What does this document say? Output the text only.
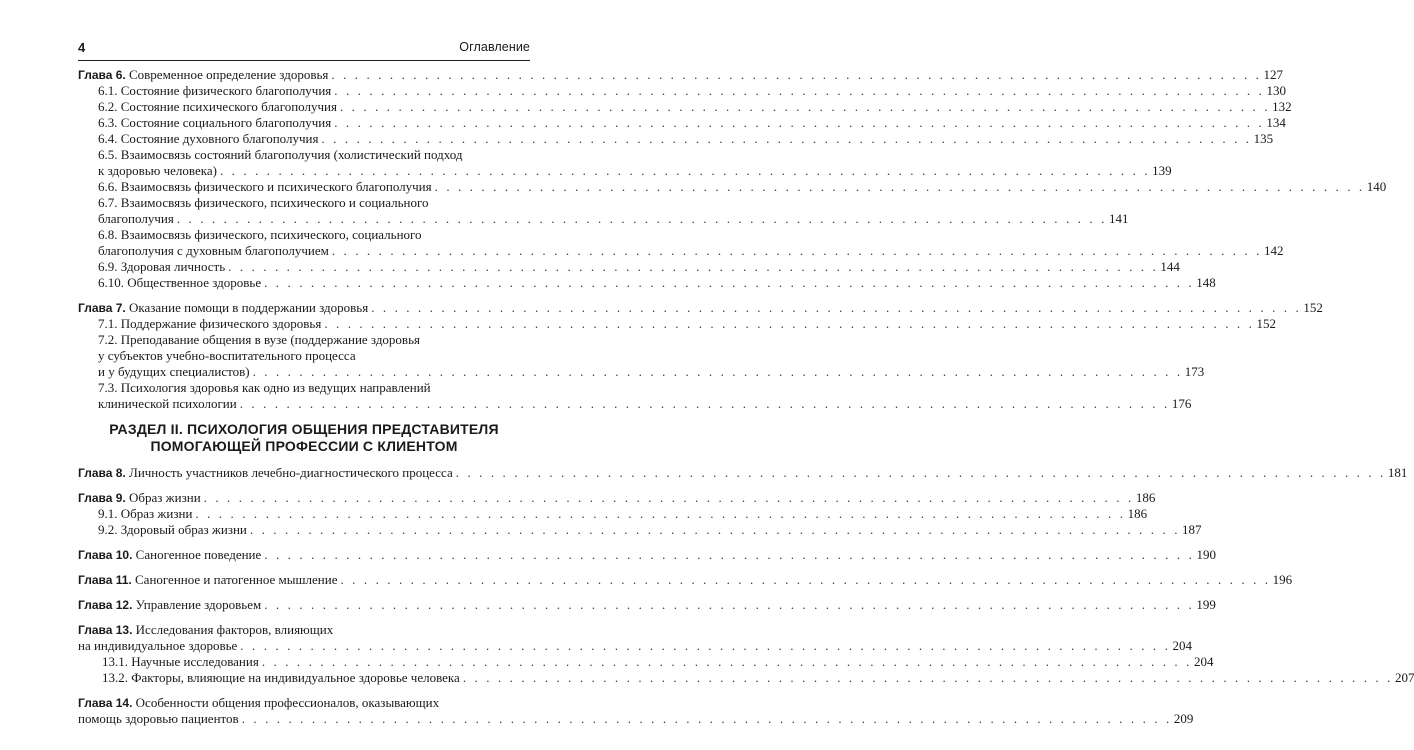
4	Оглавление
Глава 6. Современное определение здоровья . . . . . . . . . . . . . . . . . . . . . . . . . . . . . . . . . . . . . . . . . . . . . . . . . . . . . . . . . . . . . . . . . . . . . . . . . . . . . . . . 127
6.1. Состояние физического благополучия . . . . . . . . . . . . . . . . . . . . . . . . . . . . . . . . . . . . . . . . . . . . . . . . . . . . . . . . . . . . . . . . . . . . . . . . . . . . . . . . 130
6.2. Состояние психического благополучия . . . . . . . . . . . . . . . . . . . . . . . . . . . . . . . . . . . . . . . . . . . . . . . . . . . . . . . . . . . . . . . . . . . . . . . . . . . . . . . . 132
6.3. Состояние социального благополучия . . . . . . . . . . . . . . . . . . . . . . . . . . . . . . . . . . . . . . . . . . . . . . . . . . . . . . . . . . . . . . . . . . . . . . . . . . . . . . . . 134
6.4. Состояние духовного благополучия . . . . . . . . . . . . . . . . . . . . . . . . . . . . . . . . . . . . . . . . . . . . . . . . . . . . . . . . . . . . . . . . . . . . . . . . . . . . . . . . 135
6.5. Взаимосвязь состояний благополучия (холистический подход
к здоровью человека) . . . . . . . . . . . . . . . . . . . . . . . . . . . . . . . . . . . . . . . . . . . . . . . . . . . . . . . . . . . . . . . . . . . . . . . . . . . . . . . . 139
6.6. Взаимосвязь физического и психического благополучия . . . . . . . . . . . . . . . . . . . . . . . . . . . . . . . . . . . . . . . . . . . . . . . . . . . . . . . . . . . . . . . . . . . . . . . . . . . . . . . . 140
6.7. Взаимосвязь физического, психического и социального
благополучия . . . . . . . . . . . . . . . . . . . . . . . . . . . . . . . . . . . . . . . . . . . . . . . . . . . . . . . . . . . . . . . . . . . . . . . . . . . . . . . . 141
6.8. Взаимосвязь физического, психического, социального
благополучия с духовным благополучием . . . . . . . . . . . . . . . . . . . . . . . . . . . . . . . . . . . . . . . . . . . . . . . . . . . . . . . . . . . . . . . . . . . . . . . . . . . . . . . . 142
6.9. Здоровая личность . . . . . . . . . . . . . . . . . . . . . . . . . . . . . . . . . . . . . . . . . . . . . . . . . . . . . . . . . . . . . . . . . . . . . . . . . . . . . . . . 144
6.10. Общественное здоровье . . . . . . . . . . . . . . . . . . . . . . . . . . . . . . . . . . . . . . . . . . . . . . . . . . . . . . . . . . . . . . . . . . . . . . . . . . . . . . . . 148
Глава 7. Оказание помощи в поддержании здоровья . . . . . . . . . . . . . . . . . . . . . . . . . . . . . . . . . . . . . . . . . . . . . . . . . . . . . . . . . . . . . . . . . . . . . . . . . . . . . . . . 152
7.1. Поддержание физического здоровья . . . . . . . . . . . . . . . . . . . . . . . . . . . . . . . . . . . . . . . . . . . . . . . . . . . . . . . . . . . . . . . . . . . . . . . . . . . . . . . . 152
7.2. Преподавание общения в вузе (поддержание здоровья
у субъектов учебно-воспитательного процесса
и у будущих специалистов) . . . . . . . . . . . . . . . . . . . . . . . . . . . . . . . . . . . . . . . . . . . . . . . . . . . . . . . . . . . . . . . . . . . . . . . . . . . . . . . . 173
7.3. Психология здоровья как одно из ведущих направлений
клинической психологии . . . . . . . . . . . . . . . . . . . . . . . . . . . . . . . . . . . . . . . . . . . . . . . . . . . . . . . . . . . . . . . . . . . . . . . . . . . . . . . . 176
РАЗДЕЛ II. ПСИХОЛОГИЯ ОБЩЕНИЯ ПРЕДСТАВИТЕЛЯ
ПОМОГАЮЩЕЙ ПРОФЕССИИ С КЛИЕНТОМ
Глава 8. Личность участников лечебно-диагностического процесса . . . . . . . . . . . . . . . . . . . . . . . . . . . . . . . . . . . . . . . . . . . . . . . . . . . . . . . . . . . . . . . . . . . . . . . . . . . . . . . . 181
Глава 9. Образ жизни . . . . . . . . . . . . . . . . . . . . . . . . . . . . . . . . . . . . . . . . . . . . . . . . . . . . . . . . . . . . . . . . . . . . . . . . . . . . . . . . 186
9.1. Образ жизни . . . . . . . . . . . . . . . . . . . . . . . . . . . . . . . . . . . . . . . . . . . . . . . . . . . . . . . . . . . . . . . . . . . . . . . . . . . . . . . . 186
9.2. Здоровый образ жизни . . . . . . . . . . . . . . . . . . . . . . . . . . . . . . . . . . . . . . . . . . . . . . . . . . . . . . . . . . . . . . . . . . . . . . . . . . . . . . . . 187
Глава 10. Саногенное поведение . . . . . . . . . . . . . . . . . . . . . . . . . . . . . . . . . . . . . . . . . . . . . . . . . . . . . . . . . . . . . . . . . . . . . . . . . . . . . . . . 190
Глава 11. Саногенное и патогенное мышление . . . . . . . . . . . . . . . . . . . . . . . . . . . . . . . . . . . . . . . . . . . . . . . . . . . . . . . . . . . . . . . . . . . . . . . . . . . . . . . . 196
Глава 12. Управление здоровьем . . . . . . . . . . . . . . . . . . . . . . . . . . . . . . . . . . . . . . . . . . . . . . . . . . . . . . . . . . . . . . . . . . . . . . . . . . . . . . . . 199
Глава 13. Исследования факторов, влияющих
на индивидуальное здоровье . . . . . . . . . . . . . . . . . . . . . . . . . . . . . . . . . . . . . . . . . . . . . . . . . . . . . . . . . . . . . . . . . . . . . . . . . . . . . . . . 204
13.1. Научные исследования . . . . . . . . . . . . . . . . . . . . . . . . . . . . . . . . . . . . . . . . . . . . . . . . . . . . . . . . . . . . . . . . . . . . . . . . . . . . . . . . 204
13.2. Факторы, влияющие на индивидуальное здоровье человека . . . . . . . . . . . . . . . . . . . . . . . . . . . . . . . . . . . . . . . . . . . . . . . . . . . . . . . . . . . . . . . . . . . . . . . . . . . . . . . . 207
Глава 14. Особенности общения профессионалов, оказывающих
помощь здоровью пациентов . . . . . . . . . . . . . . . . . . . . . . . . . . . . . . . . . . . . . . . . . . . . . . . . . . . . . . . . . . . . . . . . . . . . . . . . . . . . . . . . 209
